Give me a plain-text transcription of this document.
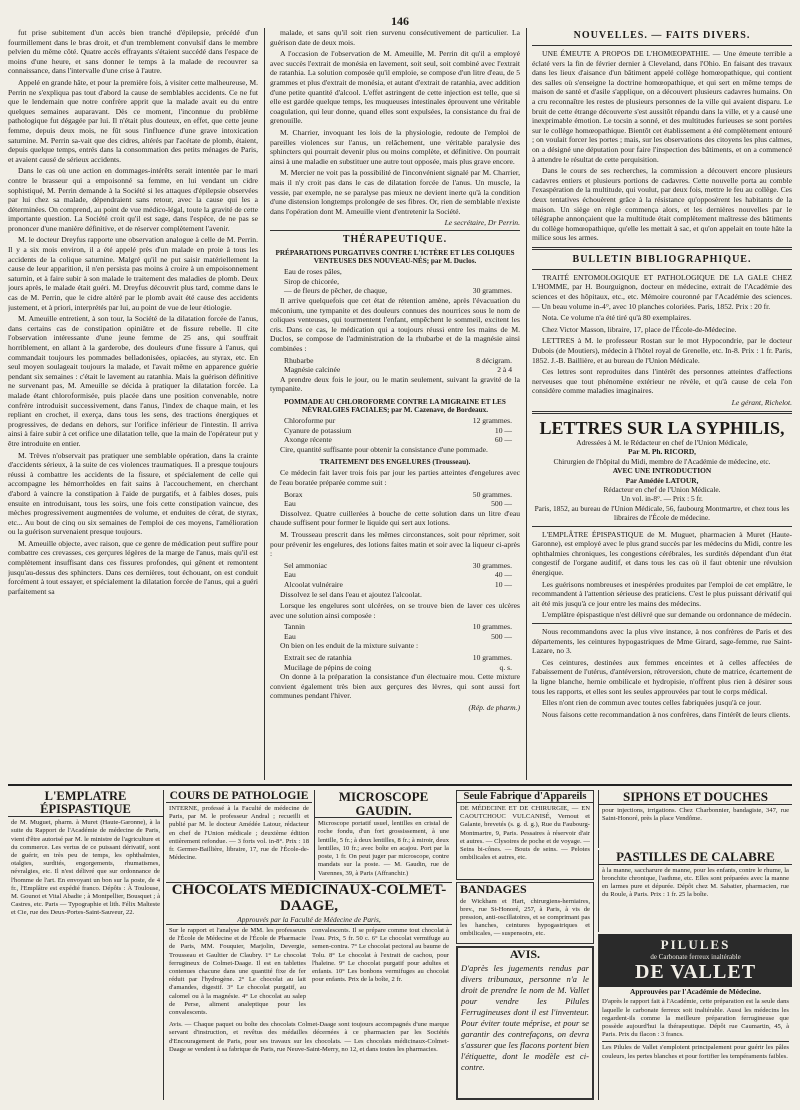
146

fut prise subitement d'un accès bien tranché d'épilepsie, précédé d'un fourmillement dans le bras droit, et d'un tremblement convulsif dans le membre pelvien du même côté. Quatre accès effrayants s'étaient succédé dans l'espace de moins d'une heure, et sans donner le temps à la malade de recouvrer sa connaissance, dans l'intervalle d'une crise à l'autre.

Appelé en grande hâte, et pour la première fois, à visiter cette malheureuse, M. Perrin ne s'expliqua pas tout d'abord la cause de semblables accidents. Ce ne fut que le lendemain que notre confrère apprit que la malade avait eu du entre quelques semaines auparavant. Dès ce moment, l'inconnue du problème pathologique fut dégagée par lui. Il n'était plus douteux, en effet, que cette jeune femme, depuis deux mois, ne fût sous l'influence d'une grave intoxication saturnine. M. Perrin sa-vait que des cidres, altérés par l'acétate de plomb, étaient, depuis quelque temps, entrés dans la consommation des petits ménages de Paris, et avaient causé de sérieux accidents.

Dans le cas où une action en dommages-intérêts serait intentée par le mari contre le brasseur qui a empoisonné sa femme, en lui vendant un cidre sophistiqué, M. Perrin demande à la Société si les attaques d'épilepsie observées par lui chez sa malade, dépendraient sans retour, avec la cause qui les a déterminées. On comprend, au point de vue médico-légal, toute la gravité de cette importante question. La Société croit qu'il est sage, dans l'espèce, de ne pas se prononcer d'une manière définitive, et de réserver complètement l'avenir.

M. le docteur Dreyfus rapporte une observation analogue à celle de M. Perrin. Il y a six mois environ, il a été appelé près d'un malade en proie à tous les accidents de la colique saturnine. Malgré qu'il ne put saisir matériellement la cause de leur apparition, il n'en persista pas moins à croire à un empoisonnement saturnin, et à faire subir à son malade le traitement des maladies de plomb. Deux jours après, le malade était guéri. M. Dreyfus découvrit plus tard, comme dans le cas de M. Perrin, que le cidre altéré par le plomb avait été cause des accidents justement, et à priori, interprétés par lui, au point de vue de leur étiologie.

M. Ameuille entretient, à son tour, la Société de la dilatation forcée de l'anus, dans certains cas de constipation opiniâtre et de fissure rebelle. Il cite l'observation intéressante d'une jeune femme de 25 ans, qui souffrait horriblement, en allant à la garderobe, des douleurs d'une fissure à l'anus, qui commandait toujours les pommades belladonisées, opiacées, au styrax, etc. En seul moyen soulageait toujours la malade, et l'avait même en apparence guérie pendant six semaines : c'était le lavement au ratanhia. Mais la guérison définitive ne survenant pas, M. Ameuille se décida à pratiquer la dilatation forcée. La malade étant chloroformisée, puis placée dans une position convenable, notre confrère introduisit successivement, dans l'anus, l'index de chaque main, et les repliant en crochet, il exerça, dans tous les sens, des tractions énergiques et progressives, de dedans en dehors, sur l'orifice inférieur de l'intestin. Il arriva ainsi à faire subir à cet orifice une dilatation telle, que la main de l'opérateur put y être introduite en entier.

M. Trèves n'observait pas pratiquer une semblable opération, dans la crainte d'accidents sérieux, à la suite de ces violences traumatiques. Il a presque toujours réussi à combattre les accidents de la fissure, et spécialement de celle qui accompagne les hémorrhoïdes en fait sains à l'accouchement, en cherchant d'abord à vaincre la constipation à l'aide de purgatifs, et à faibles doses, puis ensuite en introduisant, tous les soirs, une fois cette constipation vaincue, des mèches progressivement augmentées de volume, et enduites de cérat, de styrax, etc... Au bout de cinq ou six semaines de l'emploi de ces moyens, l'amélioration ou la guérison survenaient presque toujours.

M. Ameuille objecte, avec raison, que ce genre de médication peut suffire pour combattre ces crevasses, ces gerçures légères de la marge de l'anus, mais qu'il est complètement insuffisant dans ces fissures profondes, qui gênent et remontent jusqu'au-dessus des sphincters. Dans ces dernières, tout échouant, on est conduit forcément à tout essayer, et spécialement la dilatation forcée de l'anus, qui a guéri parfaitement sa

malade, et sans qu'il soit rien survenu consécutivement de particulier. La guérison date de deux mois.

A l'occasion de l'observation de M. Ameuille, M. Perrin dit qu'il a employé avec succès l'extrait de monésia en lavement, soit seul, soit combiné avec l'extrait de ratanhia. La solution composée qu'il emploie, se compose d'un litre d'eau, de 5 grammes et plus d'extrait de monésia, et autant d'extrait de ratanhia, avec addition d'une petite quantité d'alcool. L'effet astringent de cette injection est telle, que si elle est gardée quelque temps, les muqueuses intestinales éprouvent une véritable coagulation, qui leur donne, quand elles sont expulsées, la consistance du frai de grenouille.

M. Charrier, invoquant les lois de la physiologie, redoute de l'emploi de pareilles violences sur l'anus, un relâchement, une véritable paralysie des sphincters qui pourrait devenir plus ou moins complète, et définitive. On pourrait ainsi à une maladie en substituer une autre tout opposée, mais plus grave encore.

M. Mercier ne voit pas la possibilité de l'inconvénient signalé par M. Charrier, mais il n'y croit pas dans le cas de dilatation forcée de l'anus. Un muscle, la vessie, par exemple, ne se paralyse pas mieux ne devient inerte qu'à la condition d'une distension longtemps prolongée de ses fibres. Or, rien de semblable n'existe dans l'opération dont M. Ameuille vient d'entretenir la Société.

Le secrétaire, Dr Perrin.
THÉRAPEUTIQUE.
PRÉPARATIONS PURGATIVES CONTRE L'ICTÈRE ET LES COLIQUES VENTEUSES DES NOUVEAU-NÉS; par M. Duclos.
Eau de roses pâles,
Sirop de chicorée,
30 grammes.
— de fleurs de pêcher, de chaque,

Il arrive quelquefois que cet état de rétention amène, après l'évacuation du méconium, une tympanite et des douleurs connues des nourrices sous le nom de coliques venteuses, qui tourmentent l'enfant, empêchent le sommeil, excitent les cris. Dans ce cas, le médication qui a toujours réussi entre les mains de M. Duclos, se compose de l'administration de la rhubarbe et de la magnésie ainsi combinées :

8 décigram.
Rhubarbe
2 à 4
Magnésie calcinée

A prendre deux fois le jour, ou le matin seulement, suivant la gravité de la tympanite.

POMMADE AU CHLOROFORME CONTRE LA MIGRAINE ET LES NÉVRALGIES FACIALES; par M. Cazenave, de Bordeaux.
12 grammes.
Chloroforme pur
10 —
Cyanure de potassium
60 —
Axonge récente

Cire, quantité suffisante pour obtenir la consistance d'une pommade.

TRAITEMENT DES ENGELURES (Trousseau).

Ce médecin fait laver trois fois par jour les parties atteintes d'engelures avec de l'eau boratée préparée comme suit :

50 grammes.
Borax
500 —
Eau

Dissolvez. Quatre cuillerées à bouche de cette solution dans un litre d'eau chaude suffisent pour former le liquide qui sert aux lotions.

M. Trousseau prescrit dans les mêmes circonstances, soit pour réprimer, soit pour prévenir les engelures, des lotions faites matin et soir avec la liqueur ci-après :

30 grammes.
Sel ammoniac
40 —
Eau
10 —
Alcoolat vulnéraire

Dissolvez le sel dans l'eau et ajoutez l'alcoolat.

Lorsque les engelures sont ulcérées, on se trouve bien de laver ces ulcères avec une solution ainsi composée :

10 grammes.
Tannin
500 —
Eau

On bien on les enduit de la mixture suivante :

10 grammes.
Extrait sec de ratanhia
q. s.
Mucilage de pépins de coing

On donne à la préparation la consistance d'un électuaire mou. Cette mixture convient également très bien aux gerçures des lèvres, qui sont aussi fort communes pendant l'hiver.

(Rép. de pharm.)
NOUVELLES. — FAITS DIVERS.

UNE ÉMEUTE A PROPOS DE L'HOMŒOPATHIE. — Une émeute terrible a éclaté vers la fin de février dernier à Cleveland, dans l'Ohio. En faisant des travaux dans les lieux d'aisance d'un bâtiment appelé collège homœopathique, qui contient des salles où s'enseigne la doctrine homœopathique, et qui sert en même temps de maison de santé et d'asile s'applique, on a découvert plusieurs cadavres humains. On a cru reconnaître les restes de plusieurs personnes de la ville qui avaient disparu. Le bruit de cette étrange découverte s'est aussitôt répandu dans la ville, et y a causé une inexprimable émotion. Le tocsin a sonné, et des multitudes furieuses se sont portées sur le collège homœopathique. Bientôt cet établissement a été complètement entouré ; on voulait forcer les portes ; mais, sur les observations des citoyens les plus calmes, on a désigné une députation pour faire l'inspection des bâtiments, et on a commencé à attendre le résultat de cette perquisition.

Dans le cours de ses recherches, la commission a découvert encore plusieurs cadavres entiers et plusieurs portions de cadavres. Cette nouvelle porta au comble l'exaspération de la multitude, qui voulut, par deux fois, mettre le feu au collège. Ces deux tentatives échouèrent grâce à la résistance qu'opposèrent les habitants de la maison. Un siège en règle commença alors, et les dernières nouvelles par le télégraphe annonçaient que la multitude était complètement maîtresse des bâtiments du collège homœopathique, qu'elle les mettait à sac, et qu'on appelait en toute hâte la milice sous les armes.

BULLETIN BIBLIOGRAPHIQUE.

TRAITÉ ENTOMOLOGIQUE ET PATHOLOGIQUE DE LA GALE CHEZ L'HOMME, par H. Bourguignon, docteur en médecine, extrait de l'Académie des sciences et des hôpitaux, etc., etc. Mémoire couronné par l'Académie des sciences. — Un beau volume in-4°, avec 10 planches coloriées. Paris, 1852. Prix : 20 fr.

Nota. Ce volume n'a été tiré qu'à 80 exemplaires.

Chez Victor Masson, libraire, 17, place de l'École-de-Médecine.

LETTRES à M. le professeur Rostan sur le mot Hypocondrie, par le docteur Dubois (de Moutiers), médecin à l'hôtel royal de Grenelle, etc. In-8. Prix : 1 fr. Paris, 1852. J.-B. Baillière, et au bureau de l'Union Médicale.

Ces lettres sont reproduites dans l'intérêt des personnes atteintes d'affections nerveuses que tout phénomène extérieur ne révèle, et qu'à cause de cela l'on considère comme maladies imaginaires.

Le gérant, Richelot.
LETTRES SUR LA SYPHILIS,
Adressées à M. le Rédacteur en chef de l'Union Médicale,
Par M. Ph. RICORD,
Chirurgien de l'hôpital du Midi, membre de l'Académie de médecine, etc.
AVEC UNE INTRODUCTION
Par Amédée LATOUR,
Rédacteur en chef de l'Union Médicale.
Un vol. in-8°. — Prix : 5 fr.
Paris, 1852, au bureau de l'Union Médicale, 56, faubourg Montmartre, et chez tous les libraires de l'École de médecine.

L'EMPLÂTRE ÉPISPASTIQUE de M. Muguet, pharmacien à Muret (Haute-Garonne), est employé avec le plus grand succès par les médecins du Midi, contre les ophthalmies chroniques, les congestions cérébrales, les surdités dépendant d'un état congestif de l'organe auditif, et dans tous les cas où il faut obtenir une révulsion énergique.

Les guérisons nombreuses et inespérées produites par l'emploi de cet emplâtre, le recommandent à l'attention sérieuse des praticiens. C'est le plus puissant dérivatif qui ait été mis jusqu'à ce jour entre les mains des médecins.

L'emplâtre épispastique n'est délivré que sur demande ou ordonnance de médecin.

Nous recommandons avec la plus vive instance, à nos confrères de Paris et des départements, les ceintures hypogastriques de Mme Girard, sage-femme, rue Saint-Lazare, no 3.

Ces ceintures, destinées aux femmes enceintes et à celles affectées de l'abaissement de l'utérus, d'antéversion, rétroversion, chute de matrice, écartement de la ligne blanche, hernie ombilicale et hydropisie, n'offrent plus rien à désirer sous tous les rapports, et elles sont les seules approuvées par tout le corps médical.

Elles n'ont rien de commun avec toutes celles fabriquées jusqu'à ce jour.

Nous faisons cette recommandation à nos confrères, dans l'intérêt de leurs clients.

L'EMPLATRE ÉPISPASTIQUE

de M. Muguet, pharm. à Muret (Haute-Garonne), à la suite du Rapport de l'Académie de médecine de Paris, vient d'être autorisé par M. le ministre de l'agriculture et du commerce. Les vertus de ce puissant dérivatif, sont de guérir, en très peu de temps, les ophthalmies, otalgies, surdités, engorgements, rhumatismes, névralgies, etc. Il n'est délivré que sur ordonnance de l'homme de l'art. En envoyant un bon sur la poste, de 4 fr., l'Emplâtre est expédié franco. Dépôts : À Toulouse, M. Gounot et Vital Abadie ; à Montpellier, Bousquet ; à Castres, etc. Paris — Typographie et lith. Félix Malteste et Cie, rue des Deux-Portes-Saint-Sauveur, 22.

COURS DE PATHOLOGIE

INTERNE, professé à la Faculté de médecine de Paris, par M. le professeur Andral ; recueilli et publié par M. le docteur Amédée Latour, rédacteur en chef de l'Union médicale ; deuxième édition entièrement refondue. — 3 forts vol. in-8°. Prix : 18 fr. Germer-Baillière, libraire, 17, rue de l'École-de-Médecine.

MICROSCOPE GAUDIN.

Microscope portatif usuel, lentilles en cristal de roche fondu, d'un fort grossissement, à une lentille, 5 fr.; à deux lentilles, 8 fr.; à miroir, deux lentilles, 10 fr.; avec boîte en acajou. Port par la poste, 1 fr. On peut juger par microscope, contre mandats sur la poste. — M. Gaudin, rue de Varennes, 39, à Paris (Affranchir.)

Seule Fabrique d'Appareils

DE MÉDECINE ET DE CHIRURGIE, — EN CAOUTCHOUC VULCANISÉ, Vernout et Galante, brevetés (s. g. d. g.), Rue du Faubourg-Montmartre, 9, Paris. Pessaires à réservoir d'air et autres. — Clysoires de poche et de voyage. — Seins bi-cônes. — Bouts de seins. — Pelotes ombilicales et autres, etc.

SIPHONS ET DOUCHES

pour injections, irrigations. Chez Charbonnier, bandagiste, 347, rue Saint-Honoré, près la place Vendôme.

PASTILLES DE CALABRE

à la manne, saccharure de manne, pour les enfants, contre le rhume, la bronchite chronique, l'asthme, etc. Elles sont préparées avec la manne en larmes pure et dépurée. Dépôt chez M. Sabatier, pharmacien, rue du Roule, à Paris. Prix : 1 fr. 25 la boîte.

CHOCOLATS MÉDICINAUX-COLMET-DAAGE,
Approuvés par la Faculté de Médecine de Paris,

Sur le rapport et l'analyse de MM. les professeurs de l'École de Médecine et de l'École de Pharmacie de Paris, MM. Fouquier, Marjolin, Devergie, Trousseau et Gaultier de Claubry. 1° Le chocolat ferrugineux de Colmet-Daage. Il est en tablettes contenues chacune dans une quantité fixe de fer réduit par l'hydrogène. 2° Le chocolat au lait d'amandes, digestif. 3° Le chocolat purgatif, au calomel ou à la magnésie. 4° Le chocolat au salep de Perse, aliment analeptique pour les convalescents.

convalescents. Il se prépare comme tout chocolat à l'eau. Prix, 5 fr. 50 c. 6° Le chocolat vermifuge au semen-contra. 7° Le chocolat pectoral au baume de Tolu. 8° Le chocolat à l'extrait de cachou, pour l'haleine. 9° Le chocolat purgatif pour adultes et enfants. 10° Les bonbons vermifuges au chocolat pour enfants. Prix de la boîte, 2 fr.

Avis. — Chaque paquet ou boîte des chocolats Colmet-Daage sont toujours accompagnés d'une marque servant d'instruction, et revêtus des médailles décernées à ce pharmacien par les Sociétés d'Encouragement de Paris, pour ses travaux sur les chocolats. — Les chocolats médicinaux-Colmet-Daage se vendent à sa fabrique de Paris, rue Neuve-Saint-Merry, no 12, et dans toutes les pharmacies.

BANDAGES

de Wickham et Hart, chirurgiens-herniaires, brev., rue St-Honoré, 257, à Paris, à vis de pression, anti-oscillatoires, et se comprimant pas les hanches, ceintures hypogastriques et ombilicales, — suspensoirs, etc.

AVIS.

D'après les jugements rendus par divers tribunaux, personne n'a le droit de prendre le nom de M. Vallet pour vendre les Pilules Ferrugineuses dont il est l'inventeur. Pour éviter toute méprise, et pour se garantir des contrefaçons, on devra s'assurer que les flacons portent bien l'étiquette, dont le modèle est ci-contre.

PILULES
de Carbonate ferreux inaltérable
DE VALLET
Approuvées par l'Académie de Médecine.

D'après le rapport fait à l'Académie, cette préparation est la seule dans laquelle le carbonate ferreux soit inaltérable. Aussi les médecins les regardent-ils comme la meilleure préparation ferrugineuse que possède aujourd'hui la thérapeutique. Dépôt rue Caumartin, 45, à Paris. Prix du flacon : 3 francs.

Les Pilules de Vallet s'emploient principalement pour guérir les pâles couleurs, les pertes blanches et pour fortifier les tempéraments faibles.
